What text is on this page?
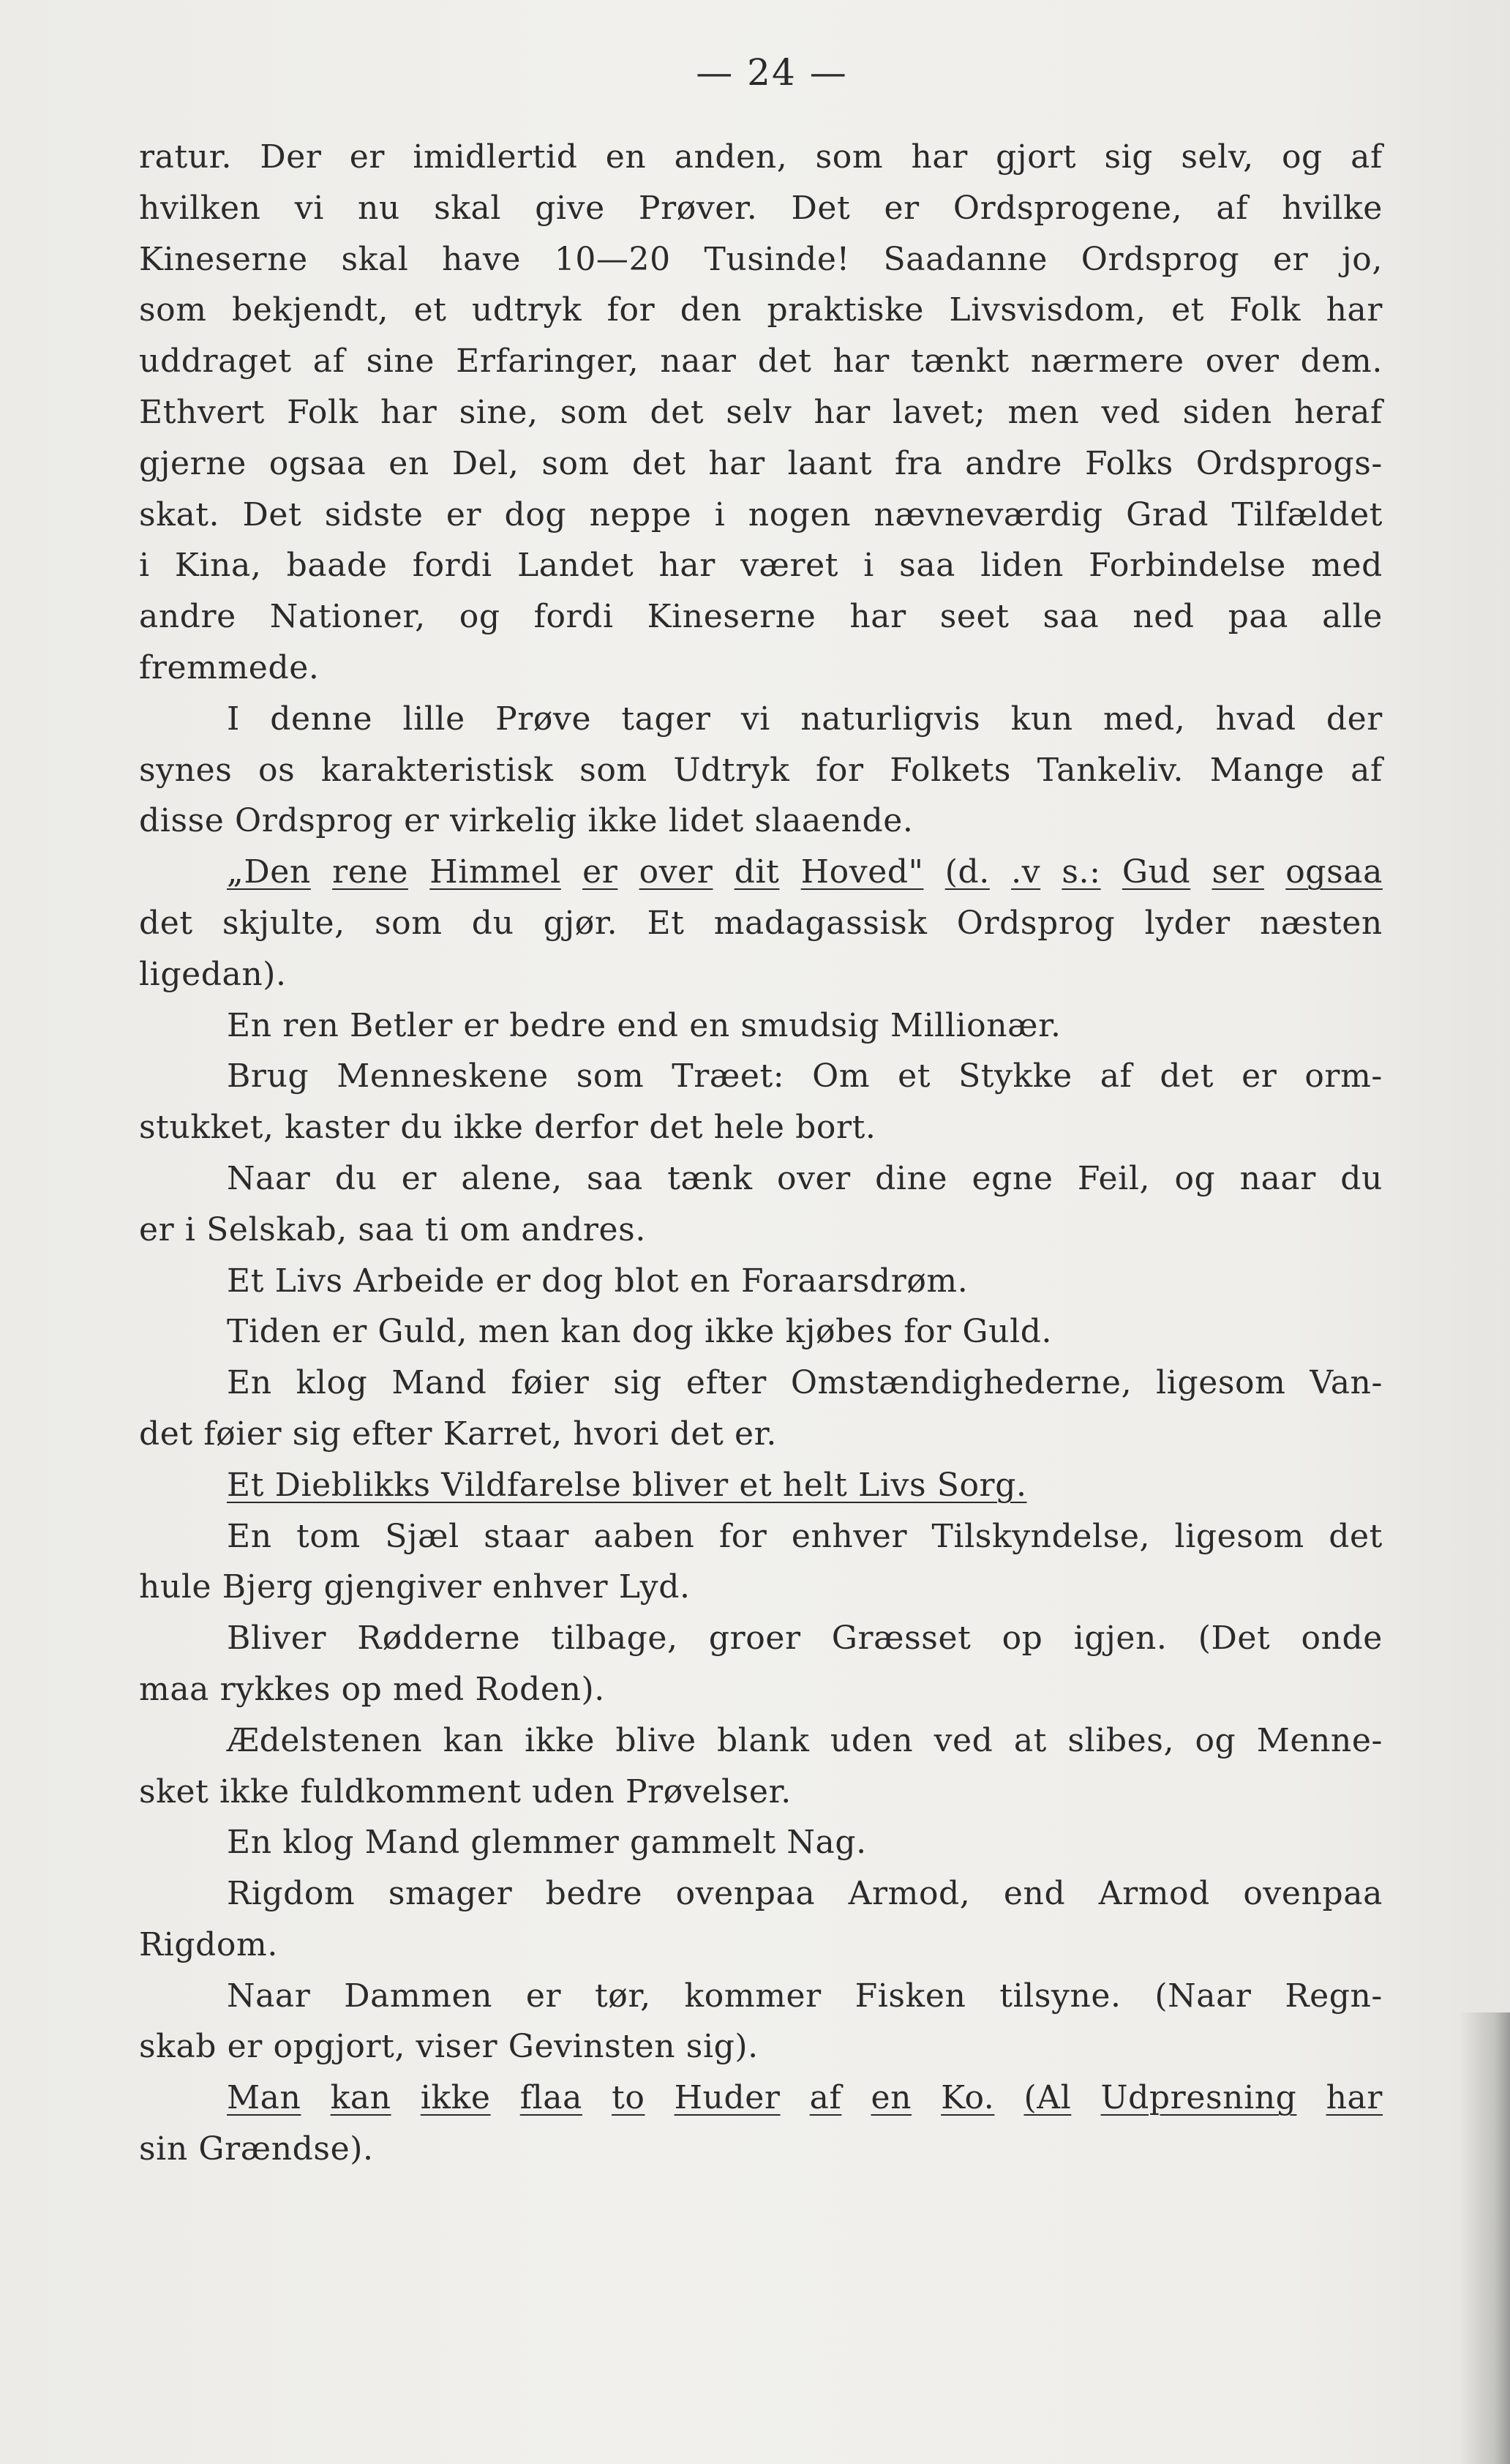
— 24 —
ratur. Der er imidlertid en anden, som har gjort sig selv, og af
hvilken vi nu skal give Prøver. Det er Ordsprogene, af hvilke
Kineserne skal have 10—20 Tusinde! Saadanne Ordsprog er jo,
som bekjendt, et udtryk for den praktiske Livsvisdom, et Folk har
uddraget af sine Erfaringer, naar det har tænkt nærmere over dem.
Ethvert Folk har sine, som det selv har lavet; men ved siden heraf
gjerne ogsaa en Del, som det har laant fra andre Folks Ordsprogs-
skat. Det sidste er dog neppe i nogen nævneværdig Grad Tilfældet
i Kina, baade fordi Landet har været i saa liden Forbindelse med
andre Nationer, og fordi Kineserne har seet saa ned paa alle
fremmede.
I denne lille Prøve tager vi naturligvis kun med, hvad der
synes os karakteristisk som Udtryk for Folkets Tankeliv. Mange af
disse Ordsprog er virkelig ikke lidet slaaende.
„Den rene Himmel er over dit Hoved" (d. .v s.: Gud ser ogsaa
det skjulte, som du gjør. Et madagassisk Ordsprog lyder næsten
ligedan).
En ren Betler er bedre end en smudsig Millionær.
Brug Menneskene som Træet: Om et Stykke af det er orm-
stukket, kaster du ikke derfor det hele bort.
Naar du er alene, saa tænk over dine egne Feil, og naar du
er i Selskab, saa ti om andres.
Et Livs Arbeide er dog blot en Foraarsdrøm.
Tiden er Guld, men kan dog ikke kjøbes for Guld.
En klog Mand føier sig efter Omstændighederne, ligesom Van-
det føier sig efter Karret, hvori det er.
Et Dieblikks Vildfarelse bliver et helt Livs Sorg.
En tom Sjæl staar aaben for enhver Tilskyndelse, ligesom det
hule Bjerg gjengiver enhver Lyd.
Bliver Rødderne tilbage, groer Græsset op igjen. (Det onde
maa rykkes op med Roden).
Ædelstenen kan ikke blive blank uden ved at slibes, og Menne-
sket ikke fuldkomment uden Prøvelser.
En klog Mand glemmer gammelt Nag.
Rigdom smager bedre ovenpaa Armod, end Armod ovenpaa
Rigdom.
Naar Dammen er tør, kommer Fisken tilsyne. (Naar Regn-
skab er opgjort, viser Gevinsten sig).
Man kan ikke flaa to Huder af en Ko. (Al Udpresning har
sin Grændse).
